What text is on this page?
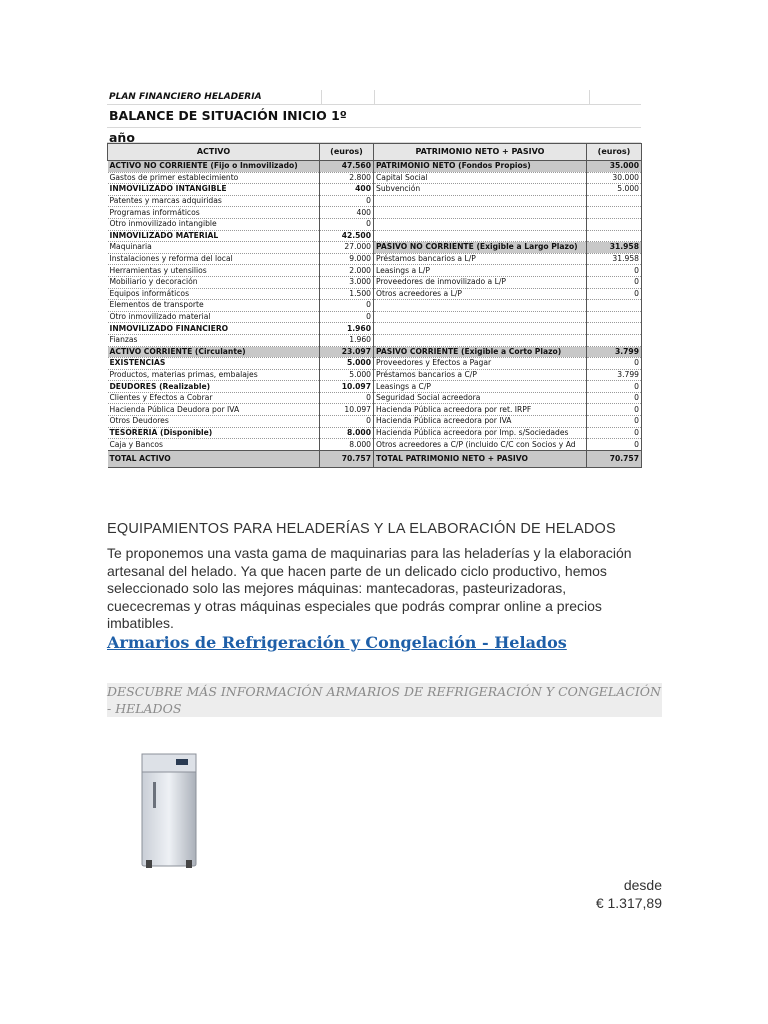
PLAN FINANCIERO HELADERIA
BALANCE DE SITUACIÓN INICIO 1º año
ACTIVO	(euros)	PATRIMONIO NETO + PASIVO	(euros)
ACTIVO NO CORRIENTE (Fijo o Inmovilizado)	47.560	PATRIMONIO NETO (Fondos Propios)	35.000
Gastos de primer establecimiento	2.800	Capital Social	30.000
INMOVILIZADO INTANGIBLE	400	Subvención	5.000
Patentes y marcas adquiridas	0		
Programas informáticos	400		
Otro inmovilizado intangible	0		
INMOVILIZADO MATERIAL	42.500		
Maquinaria	27.000	PASIVO NO CORRIENTE (Exigible a Largo Plazo)	31.958
Instalaciones y reforma del local	9.000	Préstamos bancarios a L/P	31.958
Herramientas y utensilios	2.000	Leasings a L/P	0
Mobiliario y decoración	3.000	Proveedores de inmovilizado a L/P	0
Equipos informáticos	1.500	Otros acreedores a L/P	0
Elementos de transporte	0		
Otro inmovilizado material	0		
INMOVILIZADO FINANCIERO	1.960		
Fianzas	1.960		
ACTIVO CORRIENTE (Circulante)	23.097	PASIVO CORRIENTE (Exigible a Corto Plazo)	3.799
EXISTENCIAS	5.000	Proveedores y Efectos a Pagar	0
Productos, materias primas, embalajes	5.000	Préstamos bancarios a C/P	3.799
DEUDORES (Realizable)	10.097	Leasings a C/P	0
Clientes y Efectos a Cobrar	0	Seguridad Social acreedora	0
Hacienda Pública Deudora por IVA	10.097	Hacienda Pública acreedora por ret. IRPF	0
Otros Deudores	0	Hacienda Pública acreedora por IVA	0
TESORERIA (Disponible)	8.000	Hacienda Pública acreedora por Imp. s/Sociedades	0
Caja y Bancos	8.000	Otros acreedores a C/P (incluido C/C con Socios y Ad	0
TOTAL ACTIVO	70.757	TOTAL PATRIMONIO NETO + PASIVO	70.757
EQUIPAMIENTOS PARA HELADERÍAS Y LA ELABORACIÓN DE HELADOS
Te proponemos una vasta gama de maquinarias para las heladerías y la elaboración artesanal del helado. Ya que hacen parte de un delicado ciclo productivo, hemos seleccionado solo las mejores máquinas: mantecadoras, pasteurizadoras, cuececremas y otras máquinas especiales que podrás comprar online a precios imbatibles.
Armarios de Refrigeración y Congelación - Helados
DESCUBRE MÁS INFORMACIÓN ARMARIOS DE REFRIGERACIÓN Y CONGELACIÓN - HELADOS
desde
€ 1.317,89
